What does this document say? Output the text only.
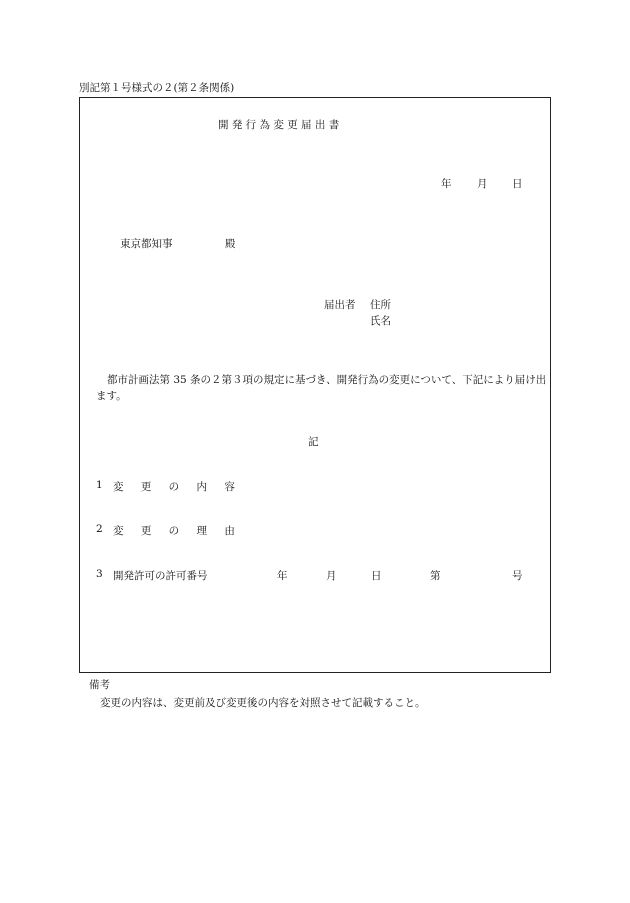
別記第１号様式の２(第２条関係)
開 発 行 為 変 更 届 出 書
年 月 日
東京都知事	殿
届出者 住所
氏名
都市計画法第 35 条の２第３項の規定に基づき、開発行為の変更について、下記により届け出ます。
記
1 変 更 の 内 容
2 変 更 の 理 由
3 開発許可の許可番号	年	月	日	第	号
備考
変更の内容は、変更前及び変更後の内容を対照させて記載すること。
